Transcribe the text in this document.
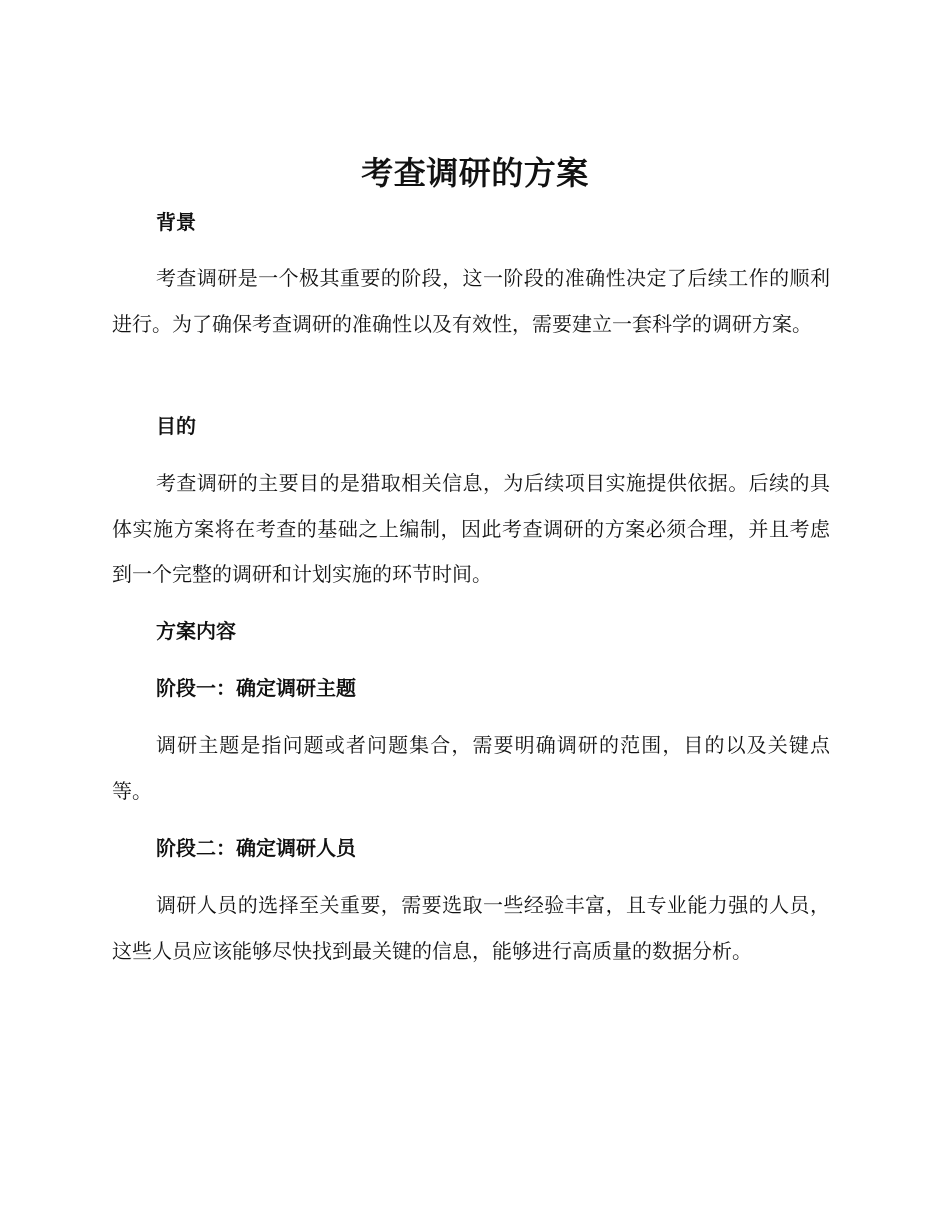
考查调研的方案
背景

考查调研是一个极其重要的阶段，这一阶段的准确性决定了后续工作的顺利进行。为了确保考查调研的准确性以及有效性，需要建立一套科学的调研方案。

目的

考查调研的主要目的是猎取相关信息，为后续项目实施提供依据。后续的具体实施方案将在考查的基础之上编制，因此考查调研的方案必须合理，并且考虑到一个完整的调研和计划实施的环节时间。

方案内容
阶段一：确定调研主题

调研主题是指问题或者问题集合，需要明确调研的范围，目的以及关键点等。

阶段二：确定调研人员

调研人员的选择至关重要，需要选取一些经验丰富，且专业能力强的人员，这些人员应该能够尽快找到最关键的信息，能够进行高质量的数据分析。
